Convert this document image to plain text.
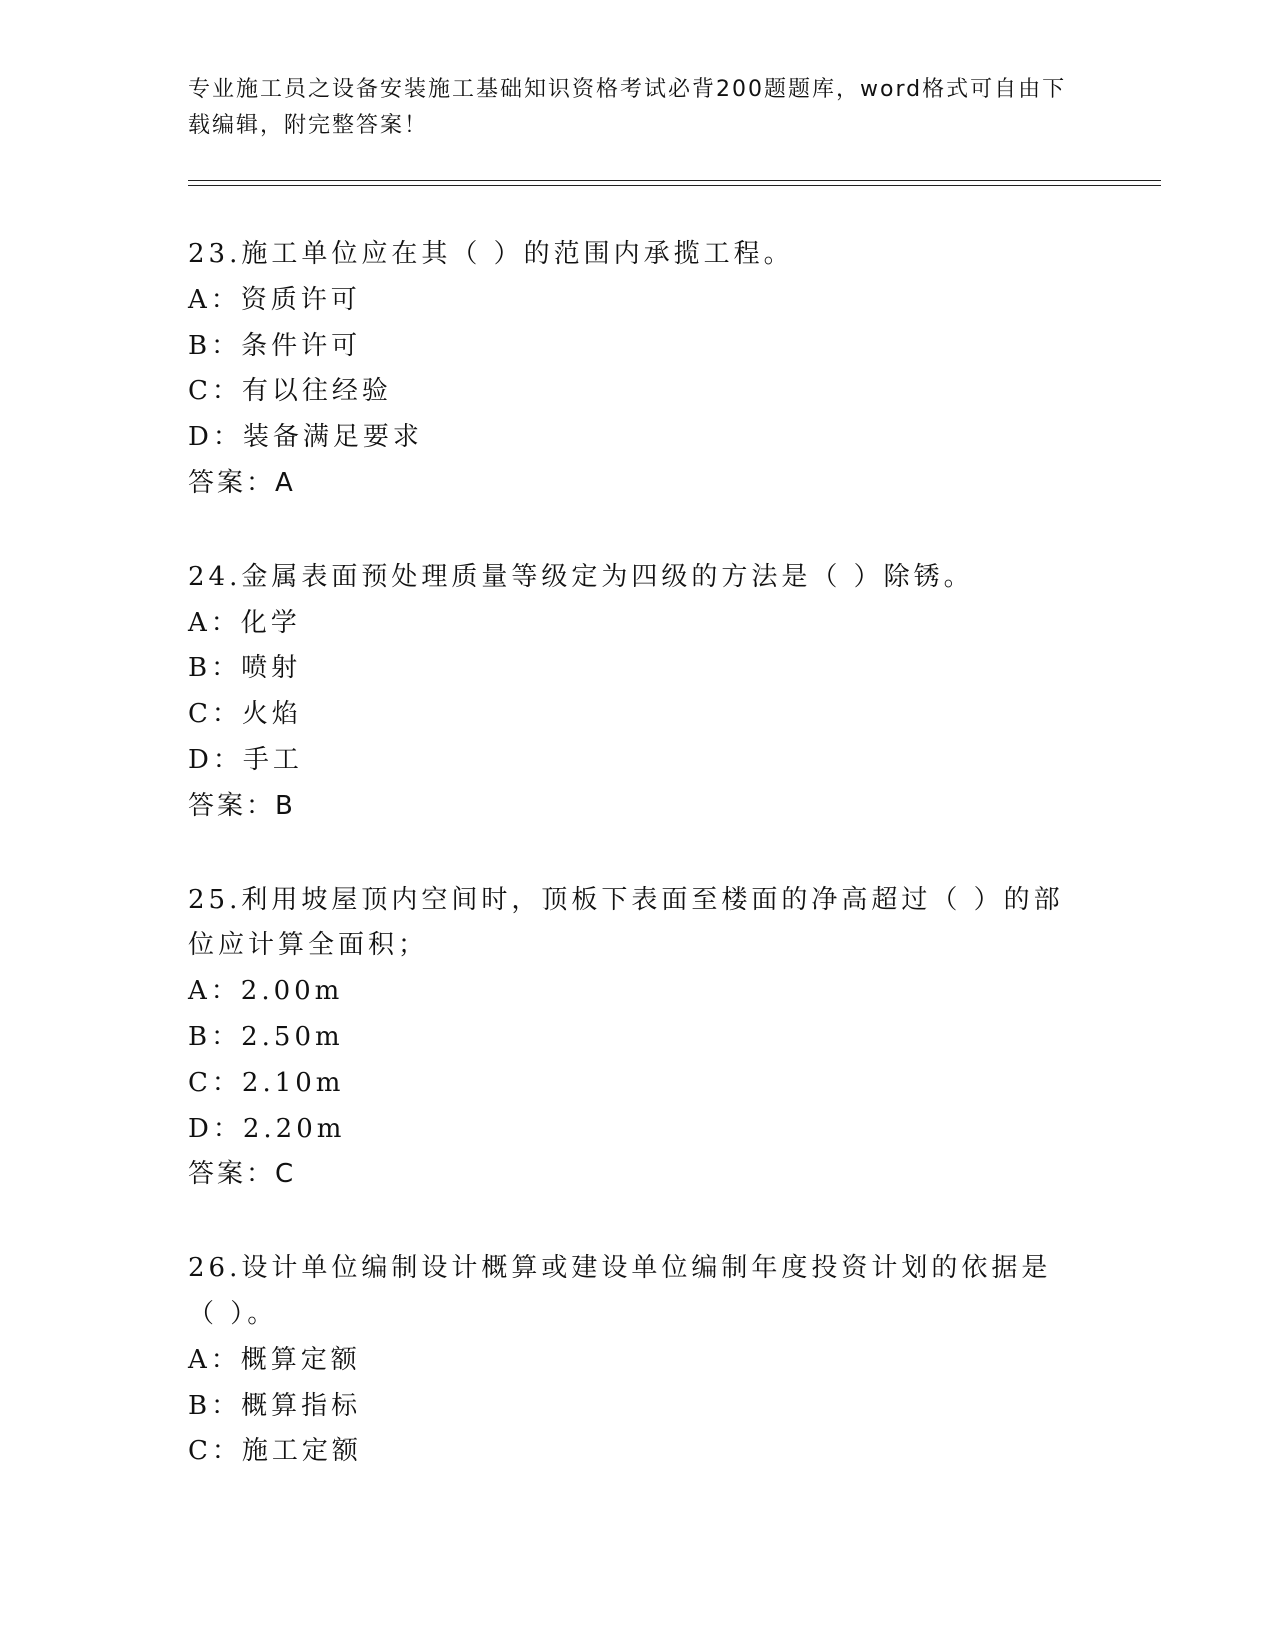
专业施工员之设备安装施工基础知识资格考试必背200题题库，word格式可自由下载编辑，附完整答案！
23.施工单位应在其（ ）的范围内承揽工程。
A：资质许可
B：条件许可
C：有以往经验
D：装备满足要求
答案：A
24.金属表面预处理质量等级定为四级的方法是（ ）除锈。
A：化学
B：喷射
C：火焰
D：手工
答案：B
25.利用坡屋顶内空间时，顶板下表面至楼面的净高超过（ ）的部位应计算全面积；
A：2.00m
B：2.50m
C：2.10m
D：2.20m
答案：C
26.设计单位编制设计概算或建设单位编制年度投资计划的依据是（ ）。
A：概算定额
B：概算指标
C：施工定额
